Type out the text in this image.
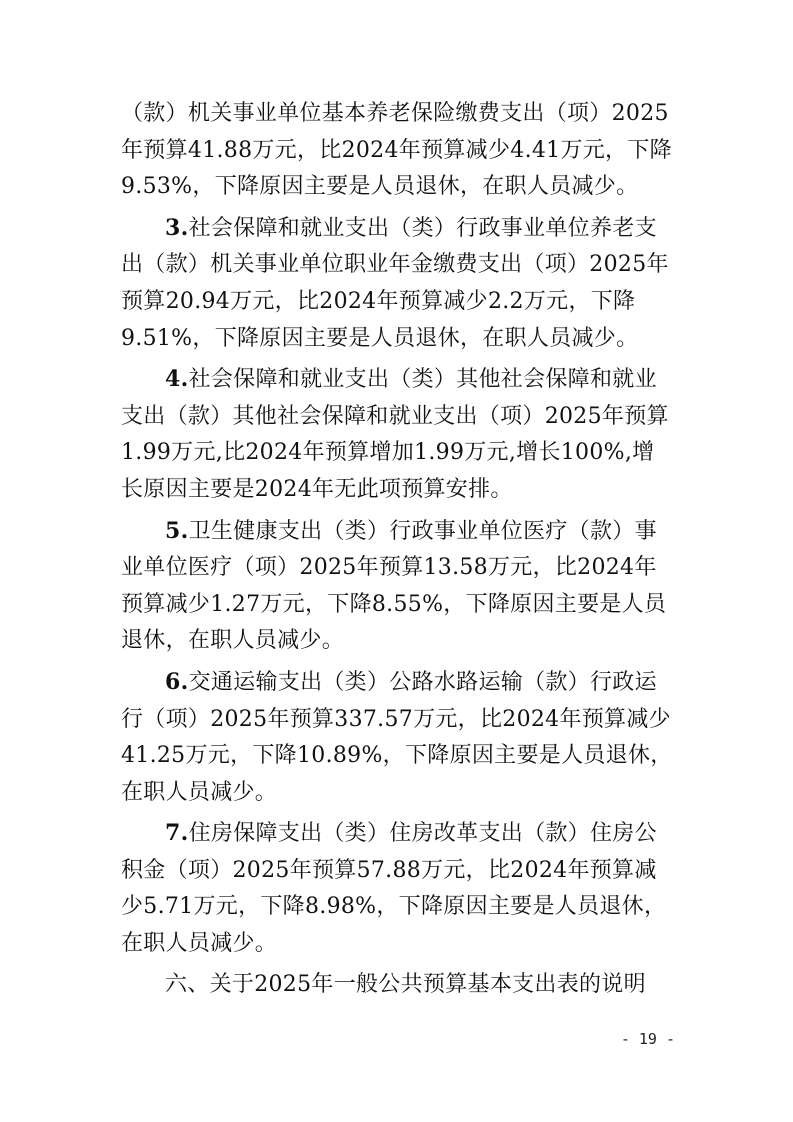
（款）机关事业单位基本养老保险缴费支出（项）2025年预算41.88万元，比2024年预算减少4.41万元，下降9.53%，下降原因主要是人员退休，在职人员减少。

3.社会保障和就业支出（类）行政事业单位养老支出（款）机关事业单位职业年金缴费支出（项）2025年预算20.94万元，比2024年预算减少2.2万元，下降9.51%，下降原因主要是人员退休，在职人员减少。

4.社会保障和就业支出（类）其他社会保障和就业支出（款）其他社会保障和就业支出（项）2025年预算1.99万元,比2024年预算增加1.99万元,增长100%,增长原因主要是2024年无此项预算安排。

5.卫生健康支出（类）行政事业单位医疗（款）事业单位医疗（项）2025年预算13.58万元，比2024年预算减少1.27万元，下降8.55%，下降原因主要是人员退休，在职人员减少。

6.交通运输支出（类）公路水路运输（款）行政运行（项）2025年预算337.57万元，比2024年预算减少41.25万元，下降10.89%，下降原因主要是人员退休，在职人员减少。

7.住房保障支出（类）住房改革支出（款）住房公积金（项）2025年预算57.88万元，比2024年预算减少5.71万元，下降8.98%，下降原因主要是人员退休，在职人员减少。

六、关于2025年一般公共预算基本支出表的说明

- 19 -
